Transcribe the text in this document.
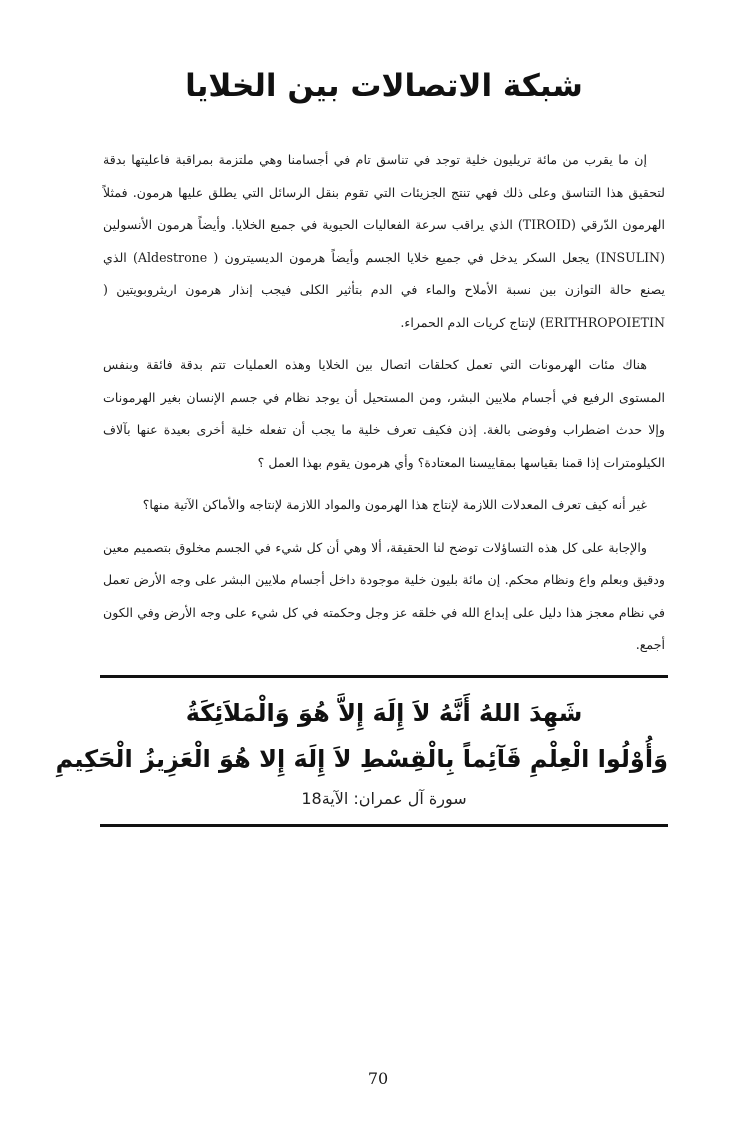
شبكة الاتصالات بين الخلايا

إن ما يقرب من مائة تريليون خلية توجد في تناسق تام في أجسامنا وهي ملتزمة بمراقبة فاعليتها بدقة لتحقيق هذا التناسق وعلى ذلك فهي تنتج الجزيئات التي تقوم بنقل الرسائل التي يطلق عليها هرمون. فمثلاً الهرمون الدّرقي (TIROID) الذي يراقب سرعة الفعاليات الحيوية في جميع الخلايا. وأيضاً هرمون الأنسولين (INSULIN) يجعل السكر يدخل في جميع خلايا الجسم وأيضاً هرمون الديسيترون ( Aldestrone) الذي يصنع حالة التوازن بين نسبة الأملاح والماء في الدم بتأثير الكلى فيجب إنذار هرمون اريثروبويتين ( ERITHROPOIETIN) لإنتاج كريات الدم الحمراء.

هناك مئات الهرمونات التي تعمل كحلقات اتصال بين الخلايا وهذه العمليات تتم بدقة فائقة وبنفس المستوى الرفيع في أجسام ملايين البشر، ومن المستحيل أن يوجد نظام في جسم الإنسان بغير الهرمونات وإلا حدث اضطراب وفوضى بالغة. إذن فكيف تعرف خلية ما يجب أن تفعله خلية أخرى بعيدة عنها بآلاف الكيلومترات إذا قمنا بقياسها بمقاييسنا المعتادة؟ وأي هرمون يقوم بهذا العمل ؟

غير أنه كيف تعرف المعدلات اللازمة لإنتاج هذا الهرمون والمواد اللازمة لإنتاجه والأماكن الآتية منها؟

والإجابة على كل هذه التساؤلات توضح لنا الحقيقة، ألا وهي أن كل شيء في الجسم مخلوق بتصميم معين ودقيق وبعلم واع ونظام محكم. إن مائة بليون خلية موجودة داخل أجسام ملايين البشر على وجه الأرض تعمل في نظام معجز هذا دليل على إبداع الله في خلقه عز وجل وحكمته في كل شيء على وجه الأرض وفي الكون أجمع.

شَهِدَ اللهُ أَنَّهُ لاَ إِلَهَ إِلاَّ هُوَ وَالْمَلاَئِكَةُ
وَأُوْلُوا الْعِلْمِ قَآئِماً بِالْقِسْطِ لاَ إِلَهَ إِلا هُوَ الْعَزِيزُ الْحَكِيمِ
سورة آل عمران: الآية18
70
